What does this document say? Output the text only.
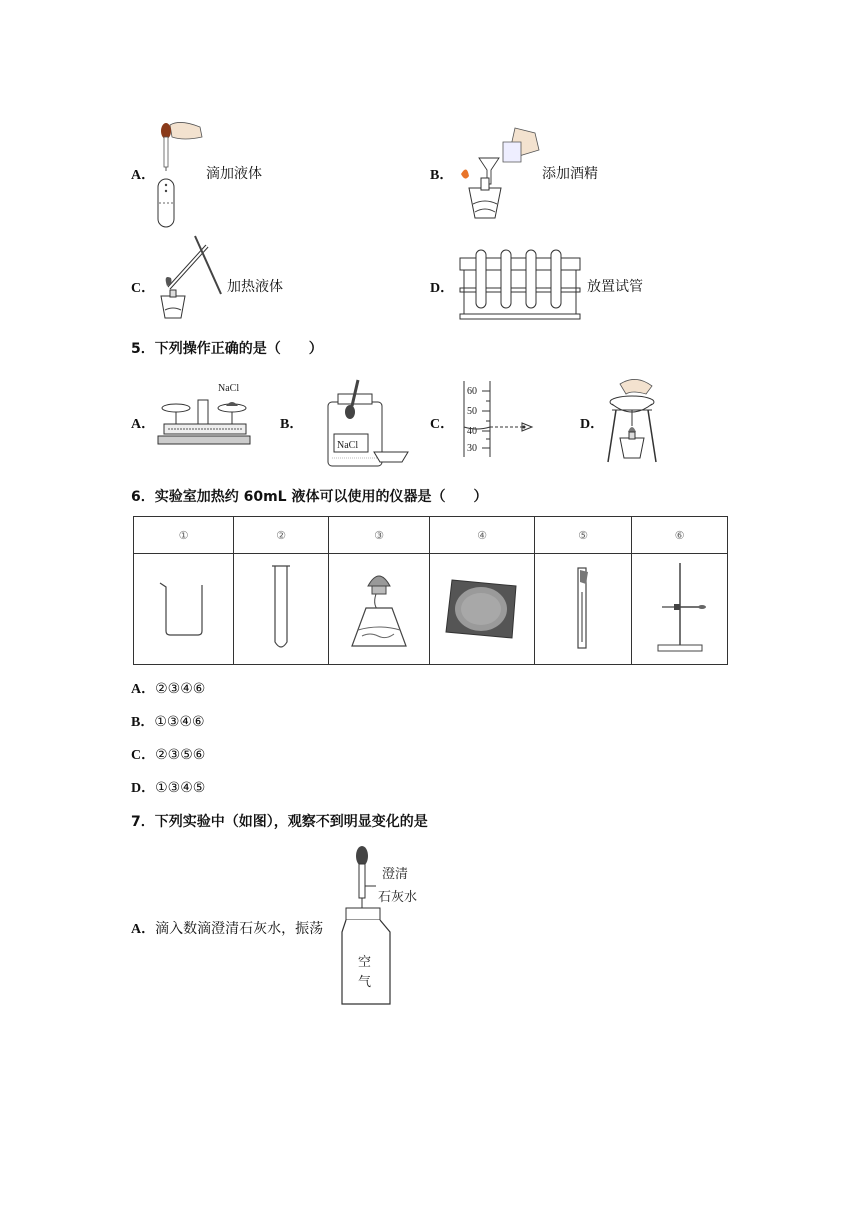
A．	滴加液体	B．	添加酒精
C．	加热液体	D．	放置试管
5．下列操作正确的是（　　）
A．
NaCl
B．
NaCl
C．
60
50
40
30
D．
6．实验室加热约 60mL 液体可以使用的仪器是（　　）
①	②	③	④	⑤	⑥

A．②③④⑥
B．①③④⑥
C．②③⑤⑥
D．①③④⑤
7．下列实验中（如图），观察不到明显变化的是
A．滴入数滴澄清石灰水，振荡
澄清
石灰水
空
气
